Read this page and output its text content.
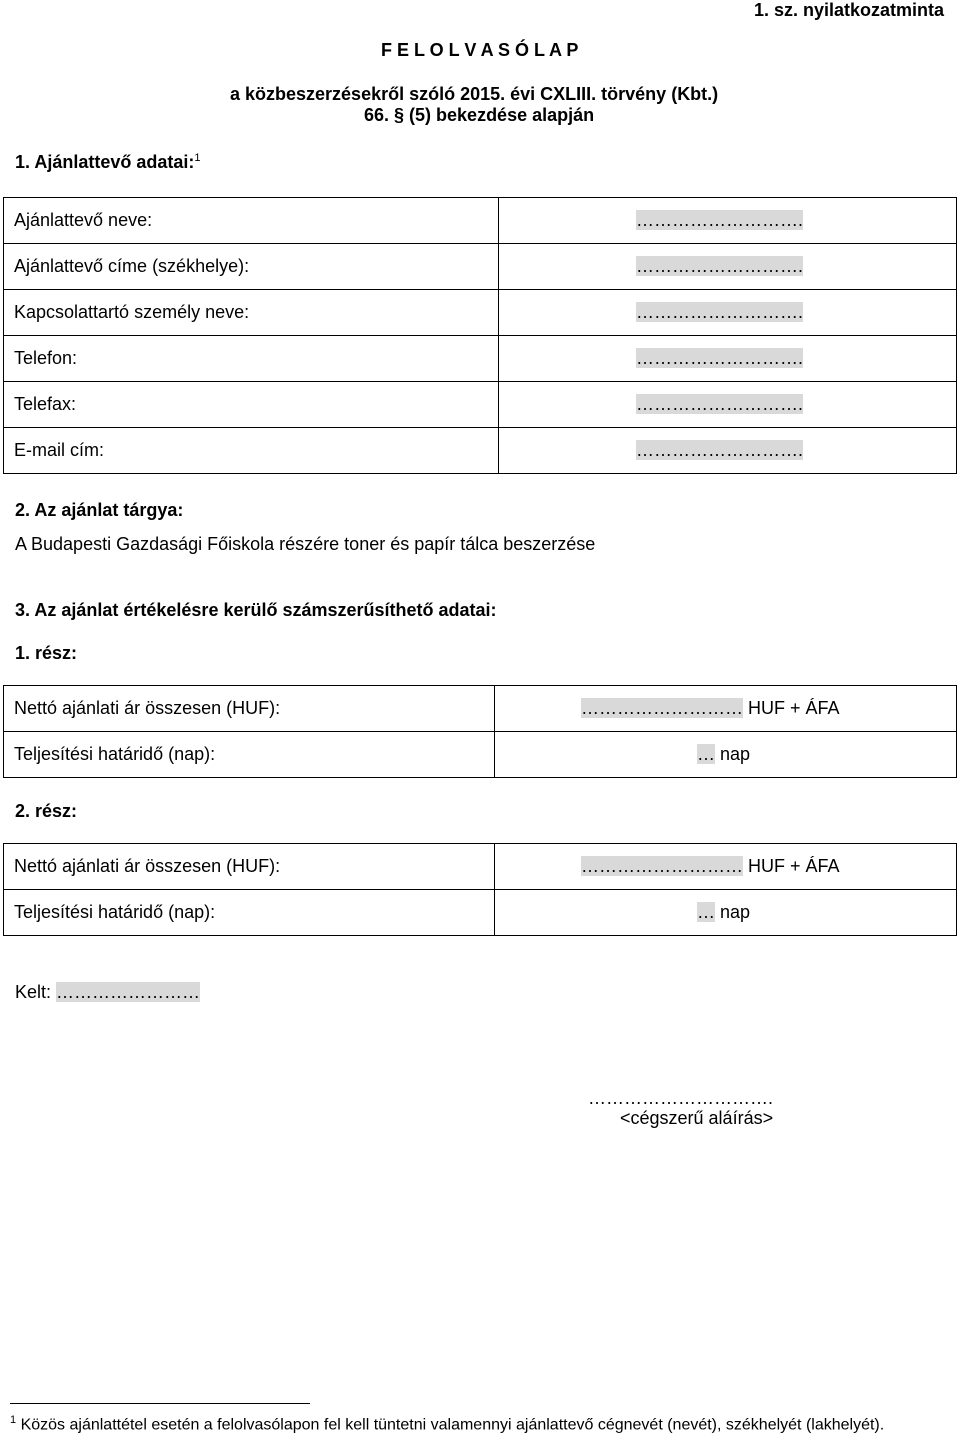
1. sz. nyilatkozatminta
F E L O L V A S Ó L A P
a közbeszerzésekről szóló 2015. évi CXLIII. törvény (Kbt.)
66. § (5) bekezdése alapján
1. Ajánlattevő adatai:$^1$
Ajánlattevő neve:	……………………….
Ajánlattevő címe (székhelye):	……………………….
Kapcsolattartó személy neve:	……………………….
Telefon:	……………………….
Telefax:	……………………….
E-mail cím:	……………………….
2. Az ajánlat tárgya:
A Budapesti Gazdasági Főiskola részére toner és papír tálca beszerzése
3. Az ajánlat értékelésre kerülő számszerűsíthető adatai:
1. rész:
Nettó ajánlati ár összesen (HUF):	……………………… HUF + ÁFA
Teljesítési határidő (nap):	… nap
2. rész:
Nettó ajánlati ár összesen (HUF):	……………………… HUF + ÁFA
Teljesítési határidő (nap):	… nap
Kelt: ……………………
………………………….
<cégszerű aláírás>
$^1$ Közös ajánlattétel esetén a felolvasólapon fel kell tüntetni valamennyi ajánlattevő cégnevét (nevét), székhelyét (lakhelyét).
